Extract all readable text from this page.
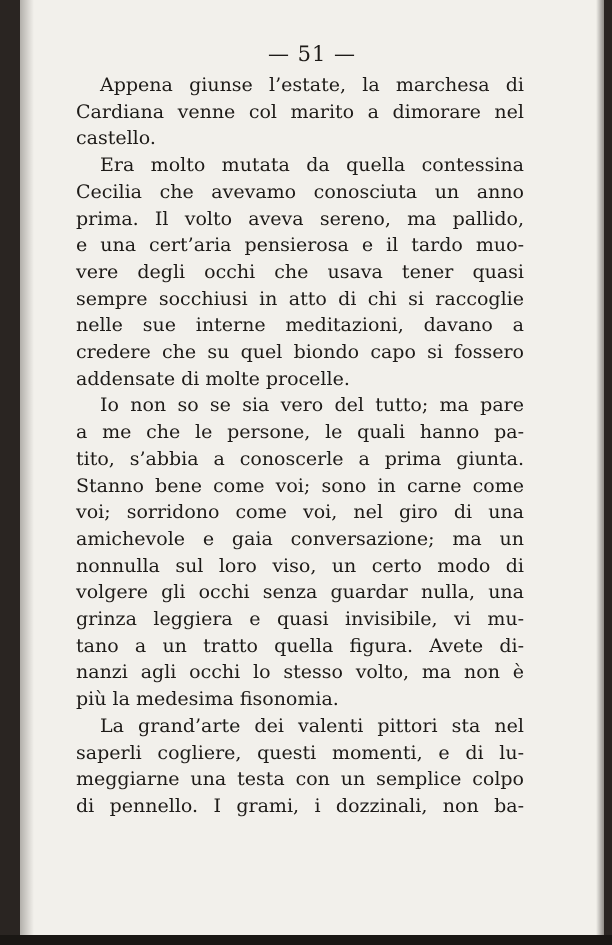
— 51 —

Appena giunse l’estate, la marchesa di
Cardiana venne col marito a dimorare nel
castello.

Era molto mutata da quella contessina
Cecilia che avevamo conosciuta un anno
prima. Il volto aveva sereno, ma pallido,
e una cert’aria pensierosa e il tardo muo-
vere degli occhi che usava tener quasi
sempre socchiusi in atto di chi si raccoglie
nelle sue interne meditazioni, davano a
credere che su quel biondo capo si fossero
addensate di molte procelle.

Io non so se sia vero del tutto; ma pare
a me che le persone, le quali hanno pa-
tito, s’abbia a conoscerle a prima giunta.
Stanno bene come voi; sono in carne come
voi; sorridono come voi, nel giro di una
amichevole e gaia conversazione; ma un
nonnulla sul loro viso, un certo modo di
volgere gli occhi senza guardar nulla, una
grinza leggiera e quasi invisibile, vi mu-
tano a un tratto quella figura. Avete di-
nanzi agli occhi lo stesso volto, ma non è
più la medesima fisonomia.

La grand’arte dei valenti pittori sta nel
saperli cogliere, questi momenti, e di lu-
meggiarne una testa con un semplice colpo
di pennello. I grami, i dozzinali, non ba-
